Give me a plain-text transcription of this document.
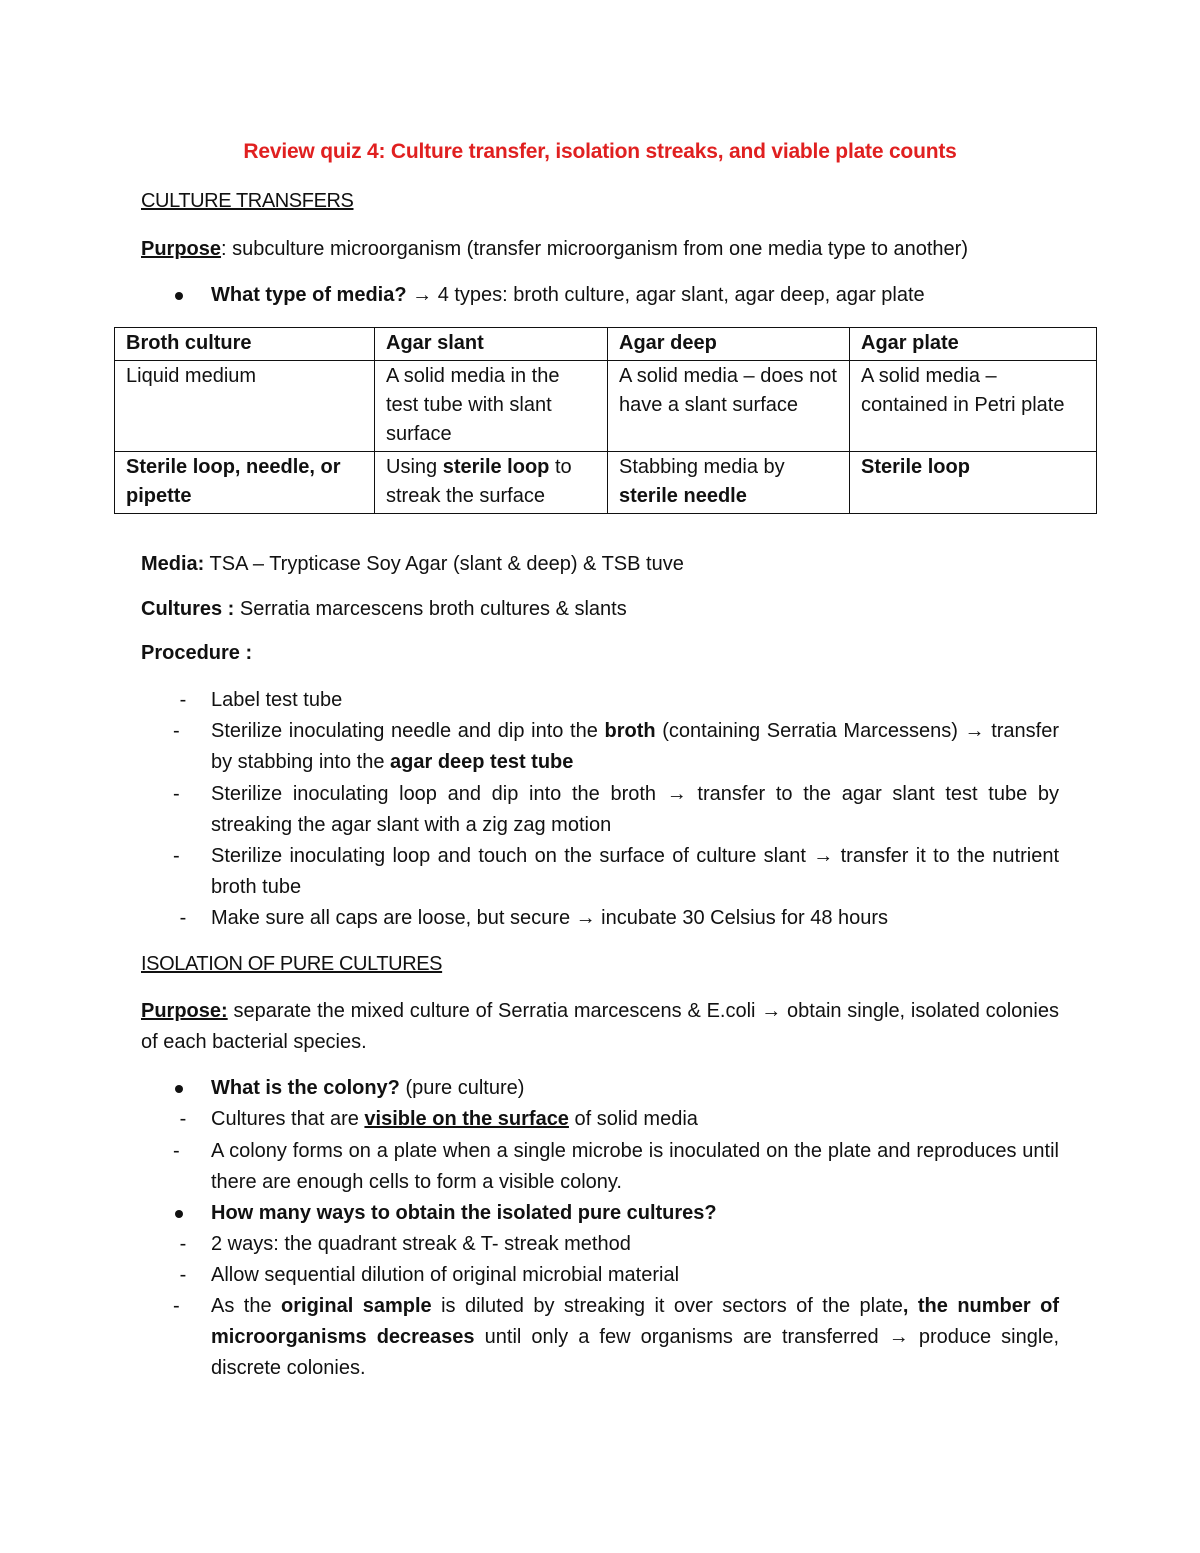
Review quiz 4: Culture transfer, isolation streaks, and viable plate counts
CULTURE TRANSFERS
Purpose: subculture microorganism (transfer microorganism from one media type to another)
What type of media? → 4 types: broth culture, agar slant, agar deep, agar plate
Broth culture	Agar slant	Agar deep	Agar plate
Liquid medium	A solid media in the test tube with slant surface	A solid media – does not have a slant surface	A solid media – contained in Petri plate
Sterile loop, needle, or pipette	Using sterile loop to streak the surface	Stabbing media by sterile needle	Sterile loop
Media: TSA – Trypticase Soy Agar (slant & deep) & TSB tuve
Cultures : Serratia marcescens broth cultures & slants
Procedure :
-	Label test tube
-	Sterilize inoculating needle and dip into the broth (containing Serratia Marcessens) → transfer by stabbing into the agar deep test tube
-	Sterilize inoculating loop and dip into the broth → transfer to the agar slant test tube by streaking the agar slant with a zig zag motion
-	Sterilize inoculating loop and touch on the surface of culture slant → transfer it to the nutrient broth tube
-	Make sure all caps are loose, but secure → incubate 30 Celsius for 48 hours
ISOLATION OF PURE CULTURES
Purpose: separate the mixed culture of Serratia marcescens & E.coli → obtain single, isolated colonies of each bacterial species.
What is the colony? (pure culture)
-	Cultures that are visible on the surface of solid media
-	A colony forms on a plate when a single microbe is inoculated on the plate and reproduces until there are enough cells to form a visible colony.
How many ways to obtain the isolated pure cultures?
-	2 ways: the quadrant streak & T- streak method
-	Allow sequential dilution of original microbial material
-	As the original sample is diluted by streaking it over sectors of the plate, the number of microorganisms decreases until only a few organisms are transferred → produce single, discrete colonies.
